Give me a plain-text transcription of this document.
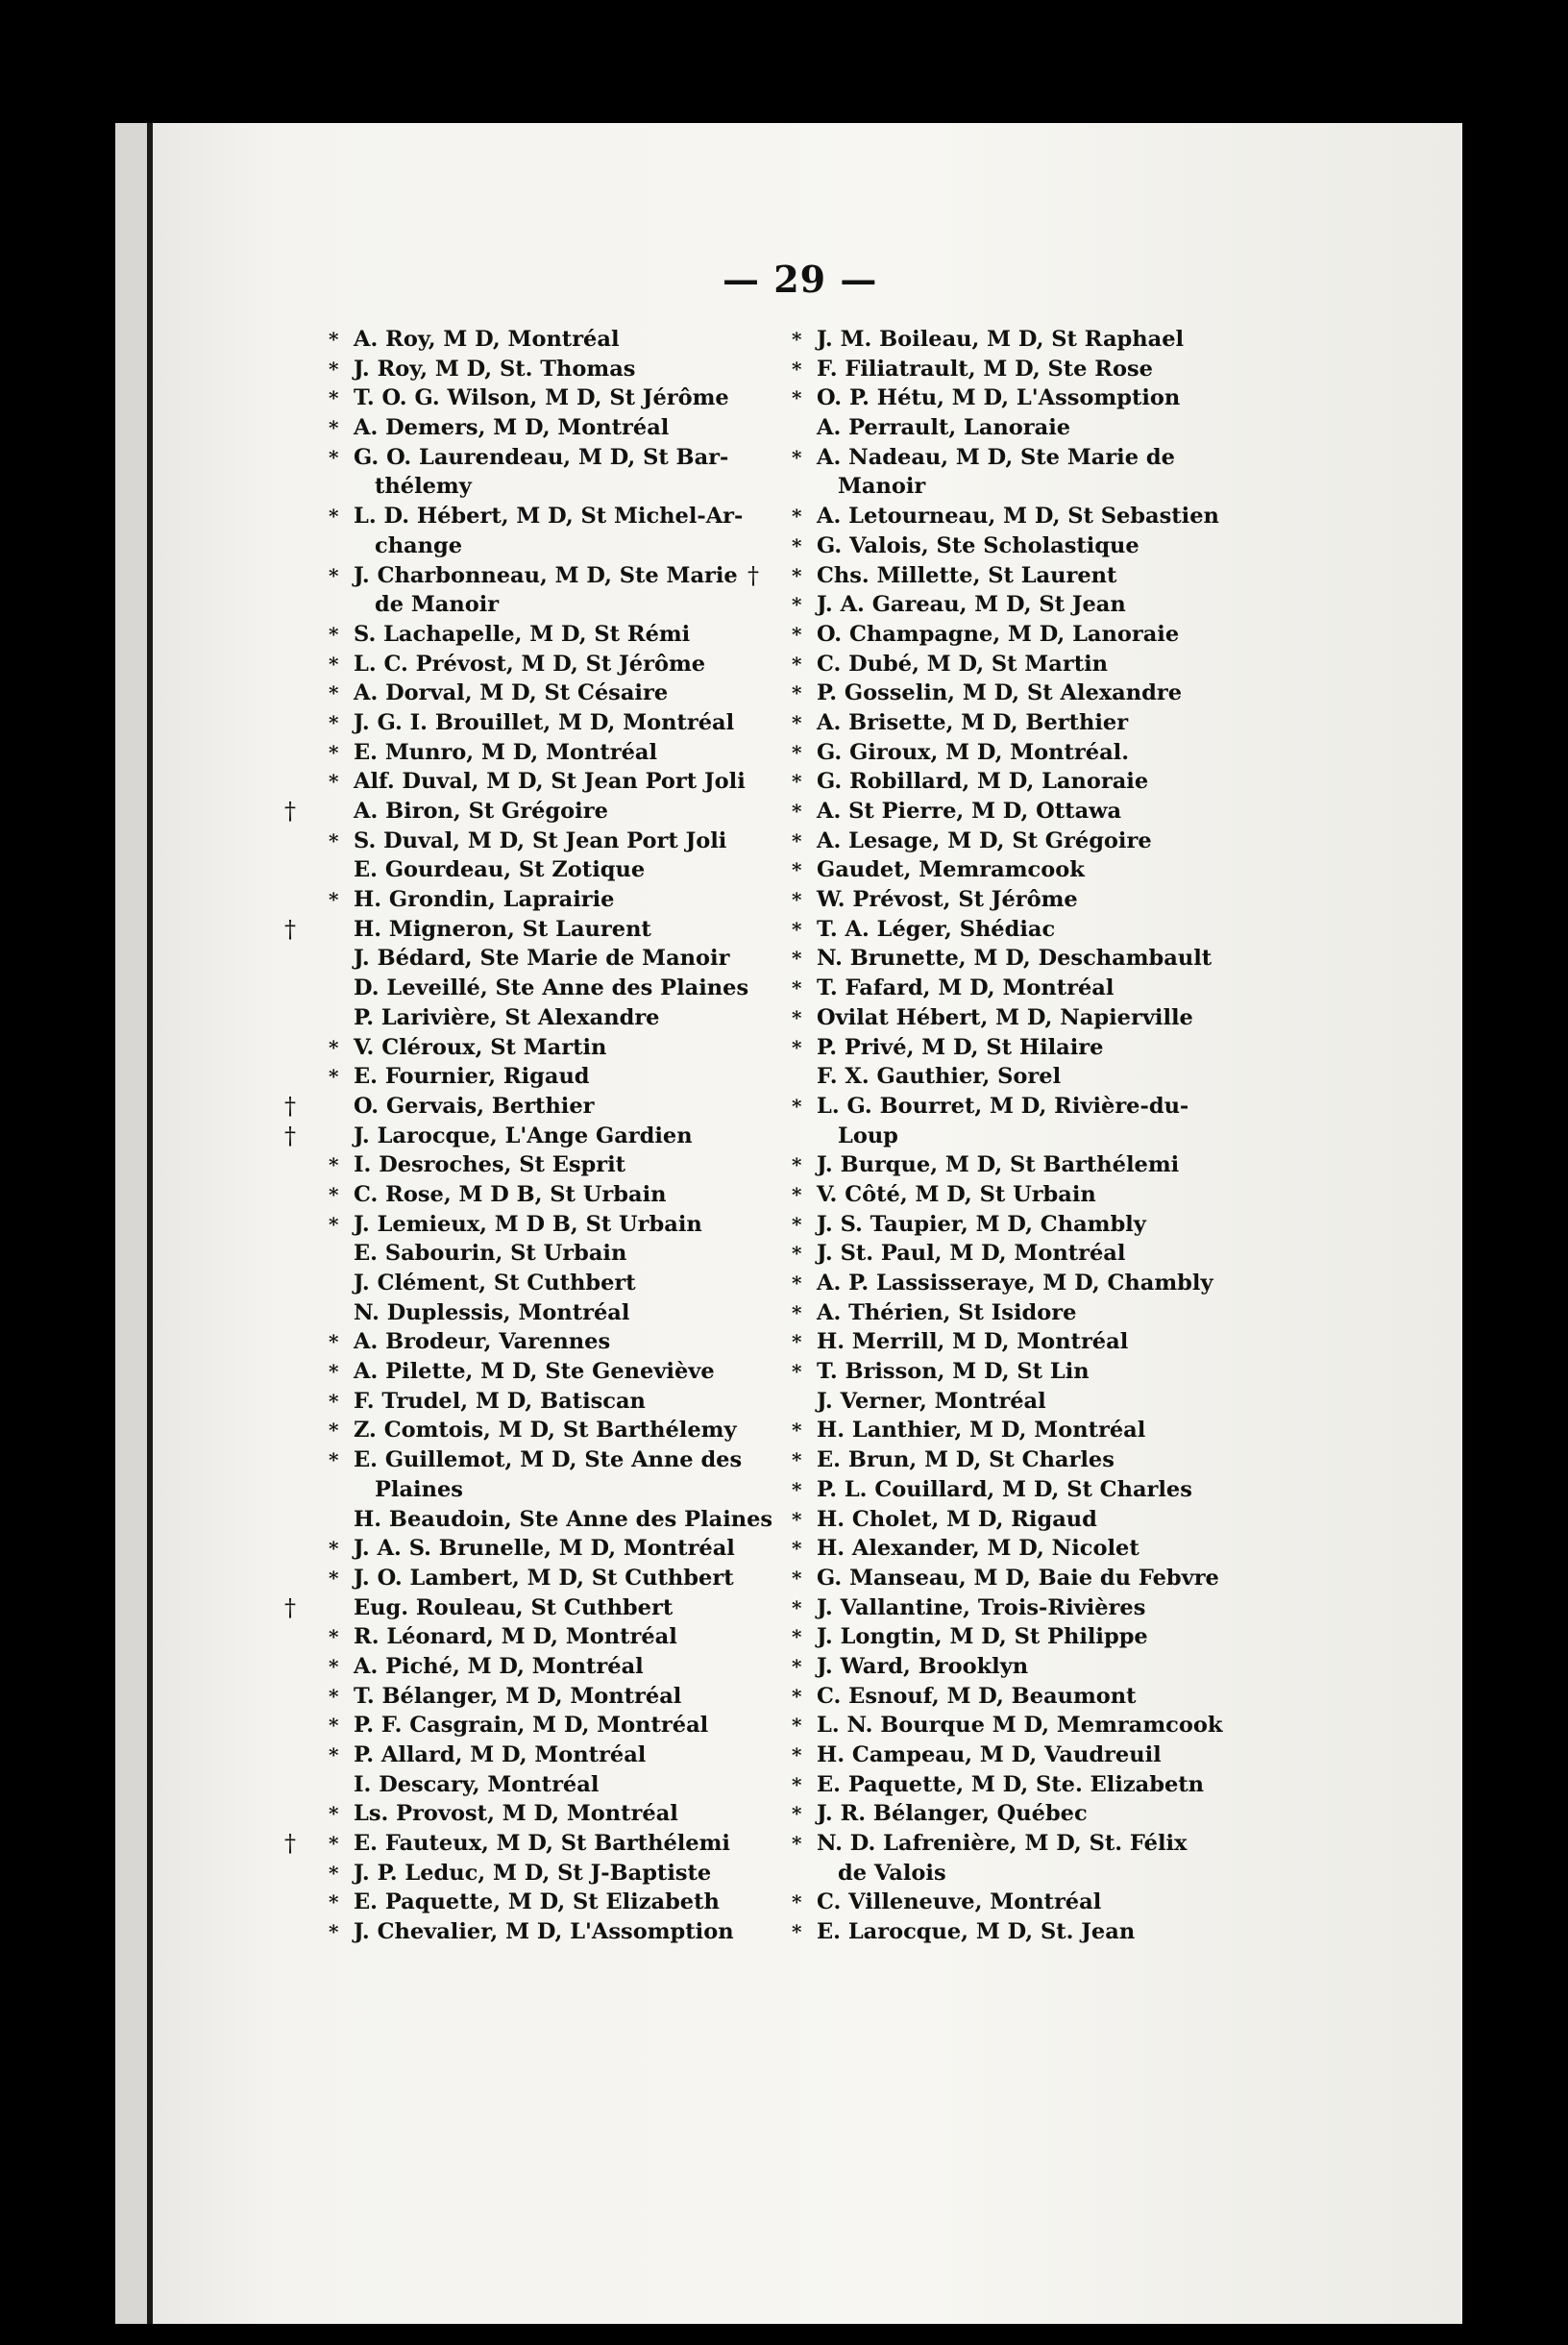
— 29 —
* A. Roy, M D, Montréal
* J. Roy, M D, St. Thomas
* T. O. G. Wilson, M D, St Jérôme
* A. Demers, M D, Montréal
* G. O. Laurendeau, M D, St Bar-
thélemy
* L. D. Hébert, M D, St Michel-Ar-
change
* J. Charbonneau, M D, Ste Marie
de Manoir
* S. Lachapelle, M D, St Rémi
* L. C. Prévost, M D, St Jérôme
* A. Dorval, M D, St Césaire
* J. G. I. Brouillet, M D, Montréal
* E. Munro, M D, Montréal
* Alf. Duval, M D, St Jean Port Joli
†	A. Biron, St Grégoire
* S. Duval, M D, St Jean Port Joli
E. Gourdeau, St Zotique
* H. Grondin, Laprairie
†	H. Migneron, St Laurent
J. Bédard, Ste Marie de Manoir
D. Leveillé, Ste Anne des Plaines
P. Larivière, St Alexandre
* V. Cléroux, St Martin
* E. Fournier, Rigaud
†	O. Gervais, Berthier
†	J. Larocque, L'Ange Gardien
* I. Desroches, St Esprit
* C. Rose, M D B, St Urbain
* J. Lemieux, M D B, St Urbain
E. Sabourin, St Urbain
J. Clément, St Cuthbert
N. Duplessis, Montréal
* A. Brodeur, Varennes
* A. Pilette, M D, Ste Geneviève
* F. Trudel, M D, Batiscan
* Z. Comtois, M D, St Barthélemy
* E. Guillemot, M D, Ste Anne des
Plaines
H. Beaudoin, Ste Anne des Plaines
* J. A. S. Brunelle, M D, Montréal
* J. O. Lambert, M D, St Cuthbert
†	Eug. Rouleau, St Cuthbert
* R. Léonard, M D, Montréal
* A. Piché, M D, Montréal
* T. Bélanger, M D, Montréal
* P. F. Casgrain, M D, Montréal
* P. Allard, M D, Montréal
I. Descary, Montréal
* Ls. Provost, M D, Montréal
† * E. Fauteux, M D, St Barthélemi
* J. P. Leduc, M D, St J-Baptiste
* E. Paquette, M D, St Elizabeth
* J. Chevalier, M D, L'Assomption
* J. M. Boileau, M D, St Raphael
* F. Filiatrault, M D, Ste Rose
* O. P. Hétu, M D, L'Assomption
A. Perrault, Lanoraie
* A. Nadeau, M D, Ste Marie de
Manoir
* A. Letourneau, M D, St Sebastien
* G. Valois, Ste Scholastique
† * Chs. Millette, St Laurent
* J. A. Gareau, M D, St Jean
* O. Champagne, M D, Lanoraie
* C. Dubé, M D, St Martin
* P. Gosselin, M D, St Alexandre
* A. Brisette, M D, Berthier
* G. Giroux, M D, Montréal.
* G. Robillard, M D, Lanoraie
* A. St Pierre, M D, Ottawa
* A. Lesage, M D, St Grégoire
* Gaudet, Memramcook
* W. Prévost, St Jérôme
* T. A. Léger, Shédiac
* N. Brunette, M D, Deschambault
* T. Fafard, M D, Montréal
* Ovilat Hébert, M D, Napierville
* P. Privé, M D, St Hilaire
F. X. Gauthier, Sorel
* L. G. Bourret, M D, Rivière-du-
Loup
* J. Burque, M D, St Barthélemi
* V. Côté, M D, St Urbain
* J. S. Taupier, M D, Chambly
* J. St. Paul, M D, Montréal
* A. P. Lassisseraye, M D, Chambly
* A. Thérien, St Isidore
* H. Merrill, M D, Montréal
* T. Brisson, M D, St Lin
J. Verner, Montréal
* H. Lanthier, M D, Montréal
* E. Brun, M D, St Charles
* P. L. Couillard, M D, St Charles
* H. Cholet, M D, Rigaud
* H. Alexander, M D, Nicolet
* G. Manseau, M D, Baie du Febvre
* J. Vallantine, Trois-Rivières
* J. Longtin, M D, St Philippe
* J. Ward, Brooklyn
* C. Esnouf, M D, Beaumont
* L. N. Bourque M D, Memramcook
* H. Campeau, M D, Vaudreuil
* E. Paquette, M D, Ste. Elizabetn
* J. R. Bélanger, Québec
* N. D. Lafrenière, M D, St. Félix
de Valois
* C. Villeneuve, Montréal
* E. Larocque, M D, St. Jean
